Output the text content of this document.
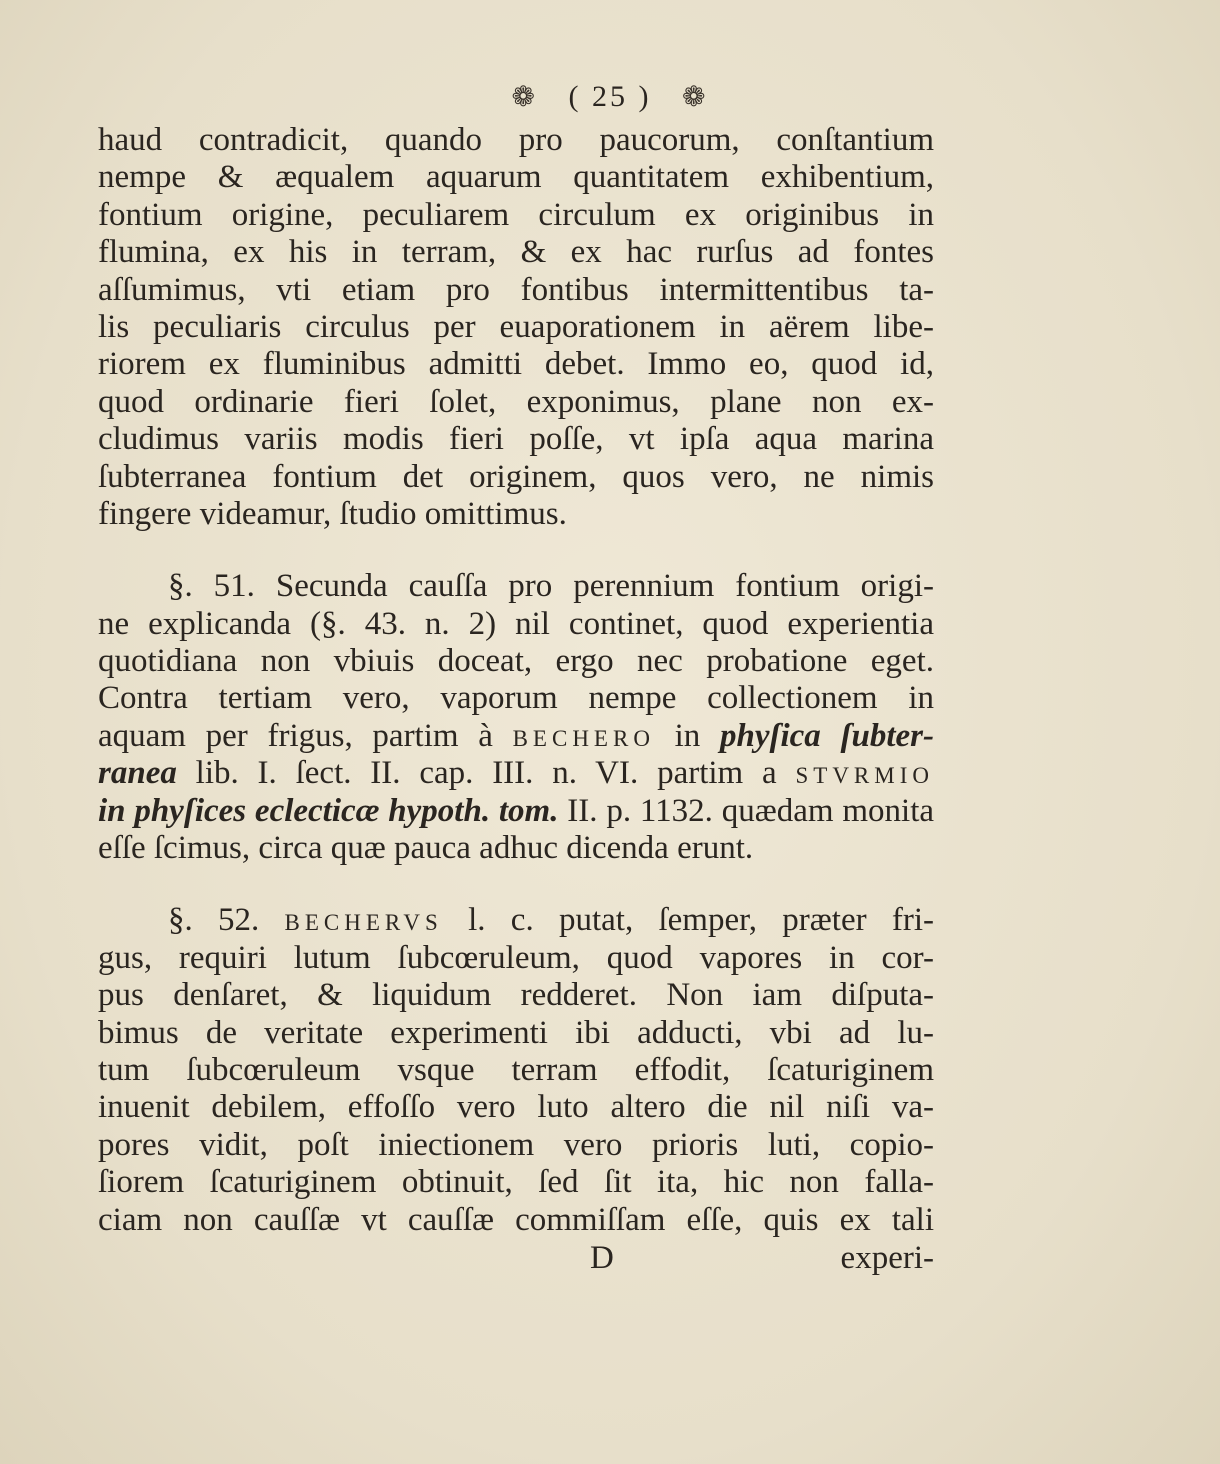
❁ ( 25 ) ❁
haud contradicit, quando pro paucorum, conſtantium
nempe & æqualem aquarum quantitatem exhibentium,
fontium origine, peculiarem circulum ex originibus in
flumina, ex his in terram, & ex hac rurſus ad fontes
aſſumimus, vti etiam pro fontibus intermittentibus ta-
lis peculiaris circulus per euaporationem in aërem libe-
riorem ex fluminibus admitti debet. Immo eo, quod id,
quod ordinarie fieri ſolet, exponimus, plane non ex-
cludimus variis modis fieri poſſe, vt ipſa aqua marina
ſubterranea fontium det originem, quos vero, ne nimis
fingere videamur, ſtudio omittimus.
§. 51. Secunda cauſſa pro perennium fontium origi-
ne explicanda (§. 43. n. 2) nil continet, quod experientia
quotidiana non vbiuis doceat, ergo nec probatione eget.
Contra tertiam vero, vaporum nempe collectionem in
aquam per frigus, partim à BECHERO in phyſica ſubter-
ranea lib. I. ſect. II. cap. III. n. VI. partim a STVRMIO
in phyſices eclecticæ hypoth. tom. II. p. 1132. quædam monita
eſſe ſcimus, circa quæ pauca adhuc dicenda erunt.
§. 52. BECHERVS l. c. putat, ſemper, præter fri-
gus, requiri lutum ſubcœruleum, quod vapores in cor-
pus denſaret, & liquidum redderet. Non iam diſputa-
bimus de veritate experimenti ibi adducti, vbi ad lu-
tum ſubcœruleum vsque terram effodit, ſcaturiginem
inuenit debilem, effoſſo vero luto altero die nil niſi va-
pores vidit, poſt iniectionem vero prioris luti, copio-
ſiorem ſcaturiginem obtinuit, ſed ſit ita, hic non falla-
ciam non cauſſæ vt cauſſæ commiſſam eſſe, quis ex tali
D	experi-
